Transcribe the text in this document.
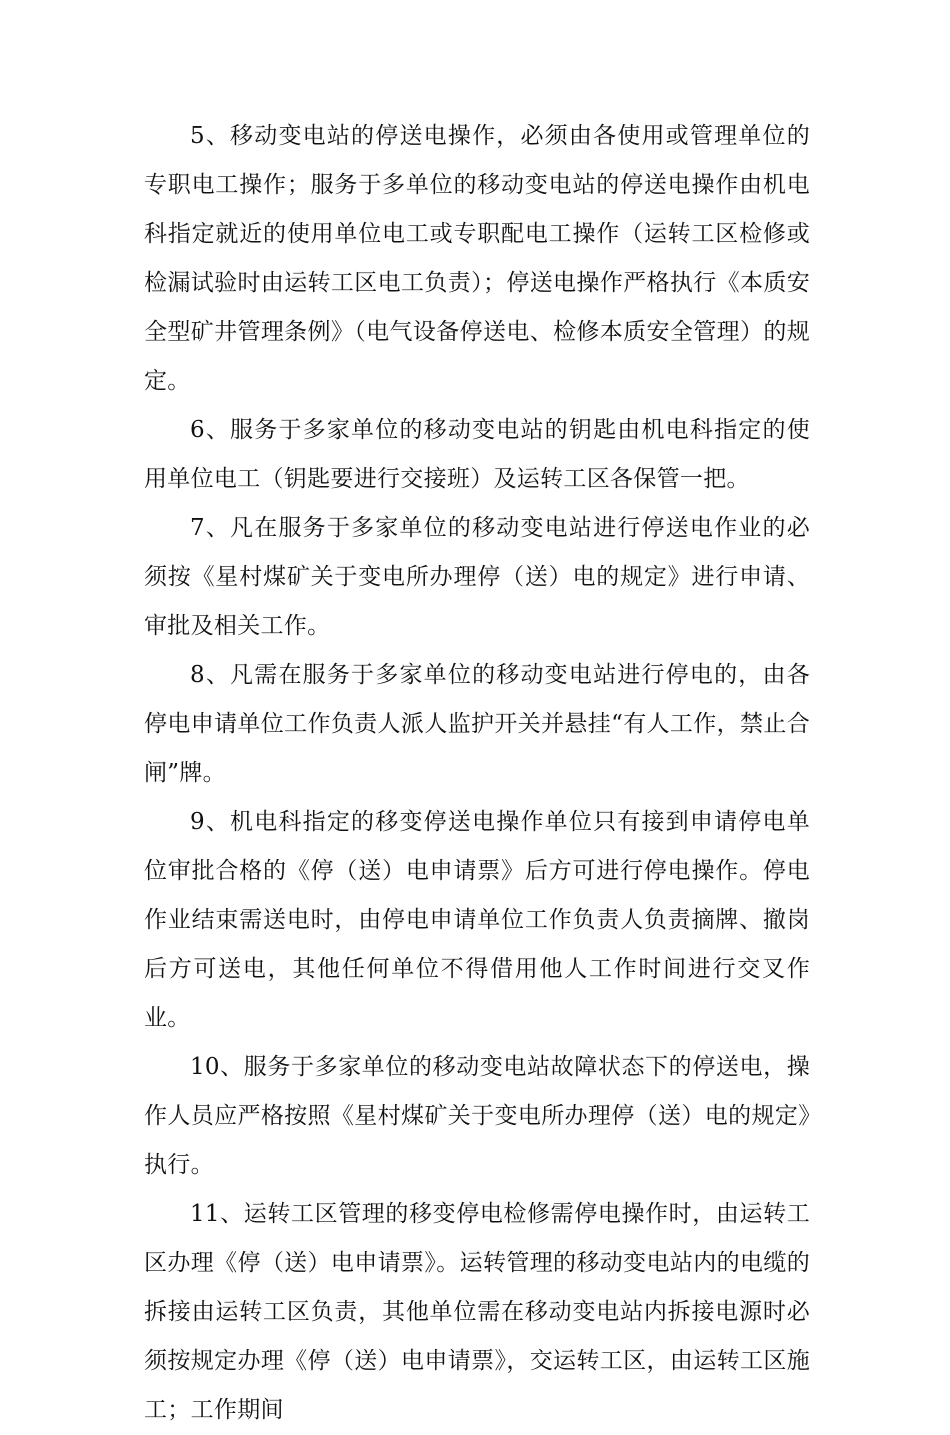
5、移动变电站的停送电操作，必须由各使用或管理单位的专职电工操作；服务于多单位的移动变电站的停送电操作由机电科指定就近的使用单位电工或专职配电工操作（运转工区检修或检漏试验时由运转工区电工负责）；停送电操作严格执行《本质安全型矿井管理条例》（电气设备停送电、检修本质安全管理）的规定。

6、服务于多家单位的移动变电站的钥匙由机电科指定的使用单位电工（钥匙要进行交接班）及运转工区各保管一把。

7、凡在服务于多家单位的移动变电站进行停送电作业的必须按《星村煤矿关于变电所办理停（送）电的规定》进行申请、审批及相关工作。

8、凡需在服务于多家单位的移动变电站进行停电的，由各停电申请单位工作负责人派人监护开关并悬挂“有人工作，禁止合闸”牌。

9、机电科指定的移变停送电操作单位只有接到申请停电单位审批合格的《停（送）电申请票》后方可进行停电操作。停电作业结束需送电时，由停电申请单位工作负责人负责摘牌、撤岗后方可送电，其他任何单位不得借用他人工作时间进行交叉作业。

10、服务于多家单位的移动变电站故障状态下的停送电，操作人员应严格按照《星村煤矿关于变电所办理停（送）电的规定》执行。

11、运转工区管理的移变停电检修需停电操作时，由运转工区办理《停（送）电申请票》。运转管理的移动变电站内的电缆的拆接由运转工区负责，其他单位需在移动变电站内拆接电源时必须按规定办理《停（送）电申请票》，交运转工区，由运转工区施工；工作期间
